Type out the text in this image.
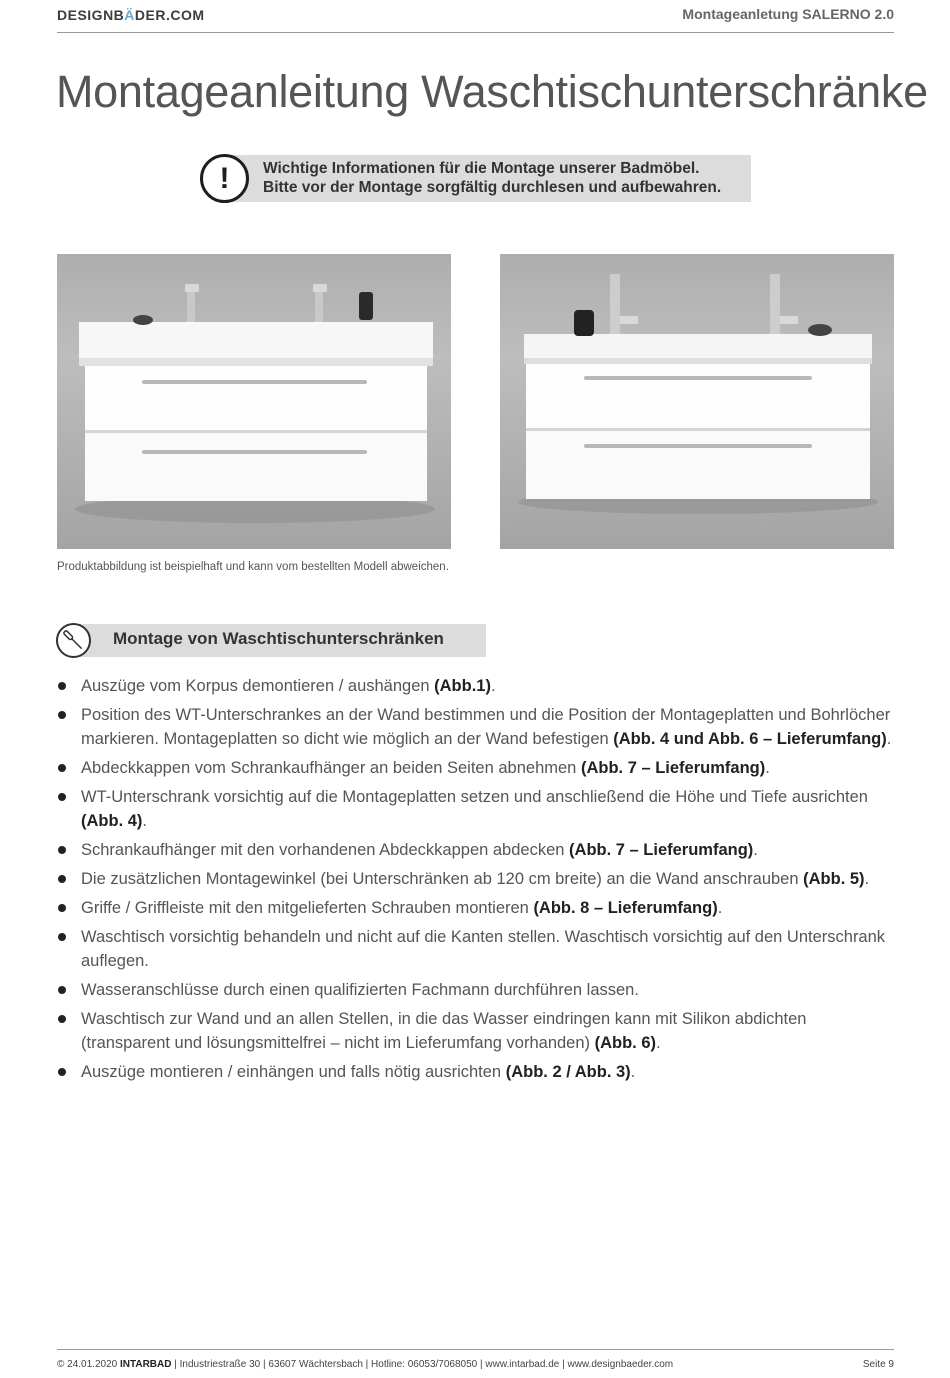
DESIGNBÄDER.COM	Montageanletung SALERNO 2.0
Montageanleitung Waschtischunterschränke
!	Wichtige Informationen für die Montage unserer Badmöbel.
Bitte vor der Montage sorgfältig durchlesen und aufbewahren.
Produktabbildung ist beispielhaft und kann vom bestellten Modell abweichen.
Montage von Waschtischunterschränken
Auszüge vom Korpus demontieren / aushängen (Abb.1).
Position des WT-Unterschrankes an der Wand bestimmen und die Position der Montageplatten und Bohrlöcher markieren. Montageplatten so dicht wie möglich an der Wand befestigen (Abb. 4 und Abb. 6 – Lieferumfang).
Abdeckkappen vom Schrankaufhänger an beiden Seiten abnehmen (Abb. 7 – Lieferumfang).
WT-Unterschrank vorsichtig auf die Montageplatten setzen und anschließend die Höhe und Tiefe ausrichten (Abb. 4).
Schrankaufhänger mit den vorhandenen Abdeckkappen abdecken (Abb. 7 – Lieferumfang).
Die zusätzlichen Montagewinkel (bei Unterschränken ab 120 cm breite) an die Wand anschrauben (Abb. 5).
Griffe / Griffleiste mit den mitgelieferten Schrauben montieren (Abb. 8 – Lieferumfang).
Waschtisch vorsichtig behandeln und nicht auf die Kanten stellen. Waschtisch vorsichtig auf den Unterschrank auflegen.
Wasseranschlüsse durch einen qualifizierten Fachmann durchführen lassen.
Waschtisch zur Wand und an allen Stellen, in die das Wasser eindringen kann mit Silikon abdichten (transparent und lösungsmittelfrei – nicht im Lieferumfang vorhanden) (Abb. 6).
Auszüge montieren / einhängen und falls nötig ausrichten (Abb. 2 / Abb. 3).
© 24.01.2020 INTARBAD | Industriestraße 30 | 63607 Wächtersbach | Hotline: 06053/7068050 | www.intarbad.de | www.designbaeder.com	Seite 9
